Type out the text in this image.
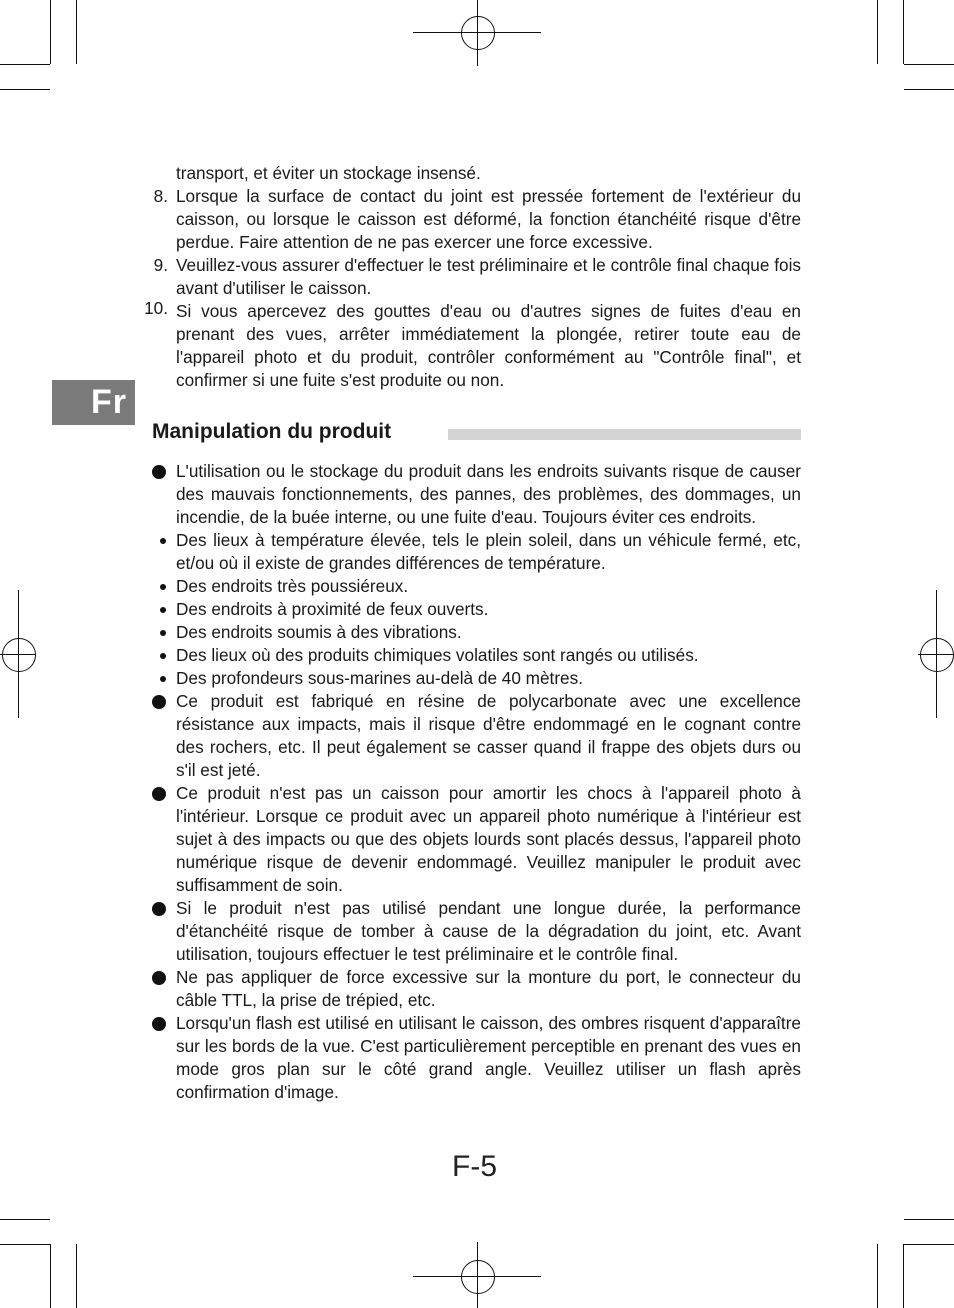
Fr
transport, et éviter un stockage insensé.
8. Lorsque la surface de contact du joint est pressée fortement de l'extérieur du caisson, ou lorsque le caisson est déformé, la fonction étanchéité risque d'être perdue. Faire attention de ne pas exercer une force excessive.
9. Veuillez-vous assurer d'effectuer le test préliminaire et le contrôle final chaque fois avant d'utiliser le caisson.
10. Si vous apercevez des gouttes d'eau ou d'autres signes de fuites d'eau en prenant des vues, arrêter immédiatement la plongée, retirer toute eau de l'appareil photo et du produit, contrôler conformément au "Contrôle final", et confirmer si une fuite s'est produite ou non.
Manipulation du produit
L'utilisation ou le stockage du produit dans les endroits suivants risque de causer des mauvais fonctionnements, des pannes, des problèmes, des dommages, un incendie, de la buée interne, ou une fuite d'eau. Toujours éviter ces endroits.
Des lieux à température élevée, tels le plein soleil, dans un véhicule fermé, etc, et/ou où il existe de grandes différences de température.
Des endroits très poussiéreux.
Des endroits à proximité de feux ouverts.
Des endroits soumis à des vibrations.
Des lieux où des produits chimiques volatiles sont rangés ou utilisés.
Des profondeurs sous-marines au-delà de 40 mètres.
Ce produit est fabriqué en résine de polycarbonate avec une excellence résistance aux impacts, mais il risque d'être endommagé en le cognant contre des rochers, etc. Il peut également se casser quand il frappe des objets durs ou s'il est jeté.
Ce produit n'est pas un caisson pour amortir les chocs à l'appareil photo à l'intérieur. Lorsque ce produit avec un appareil photo numérique à l'intérieur est sujet à des impacts ou que des objets lourds sont placés dessus, l'appareil photo numérique risque de devenir endommagé. Veuillez manipuler le produit avec suffisamment de soin.
Si le produit n'est pas utilisé pendant une longue durée, la performance d'étanchéité risque de tomber à cause de la dégradation du joint, etc. Avant utilisation, toujours effectuer le test préliminaire et le contrôle final.
Ne pas appliquer de force excessive sur la monture du port, le connecteur du câble TTL, la prise de trépied, etc.
Lorsqu'un flash est utilisé en utilisant le caisson, des ombres risquent d'apparaître sur les bords de la vue. C'est particulièrement perceptible en prenant des vues en mode gros plan sur le côté grand angle. Veuillez utiliser un flash après confirmation d'image.
F-5
